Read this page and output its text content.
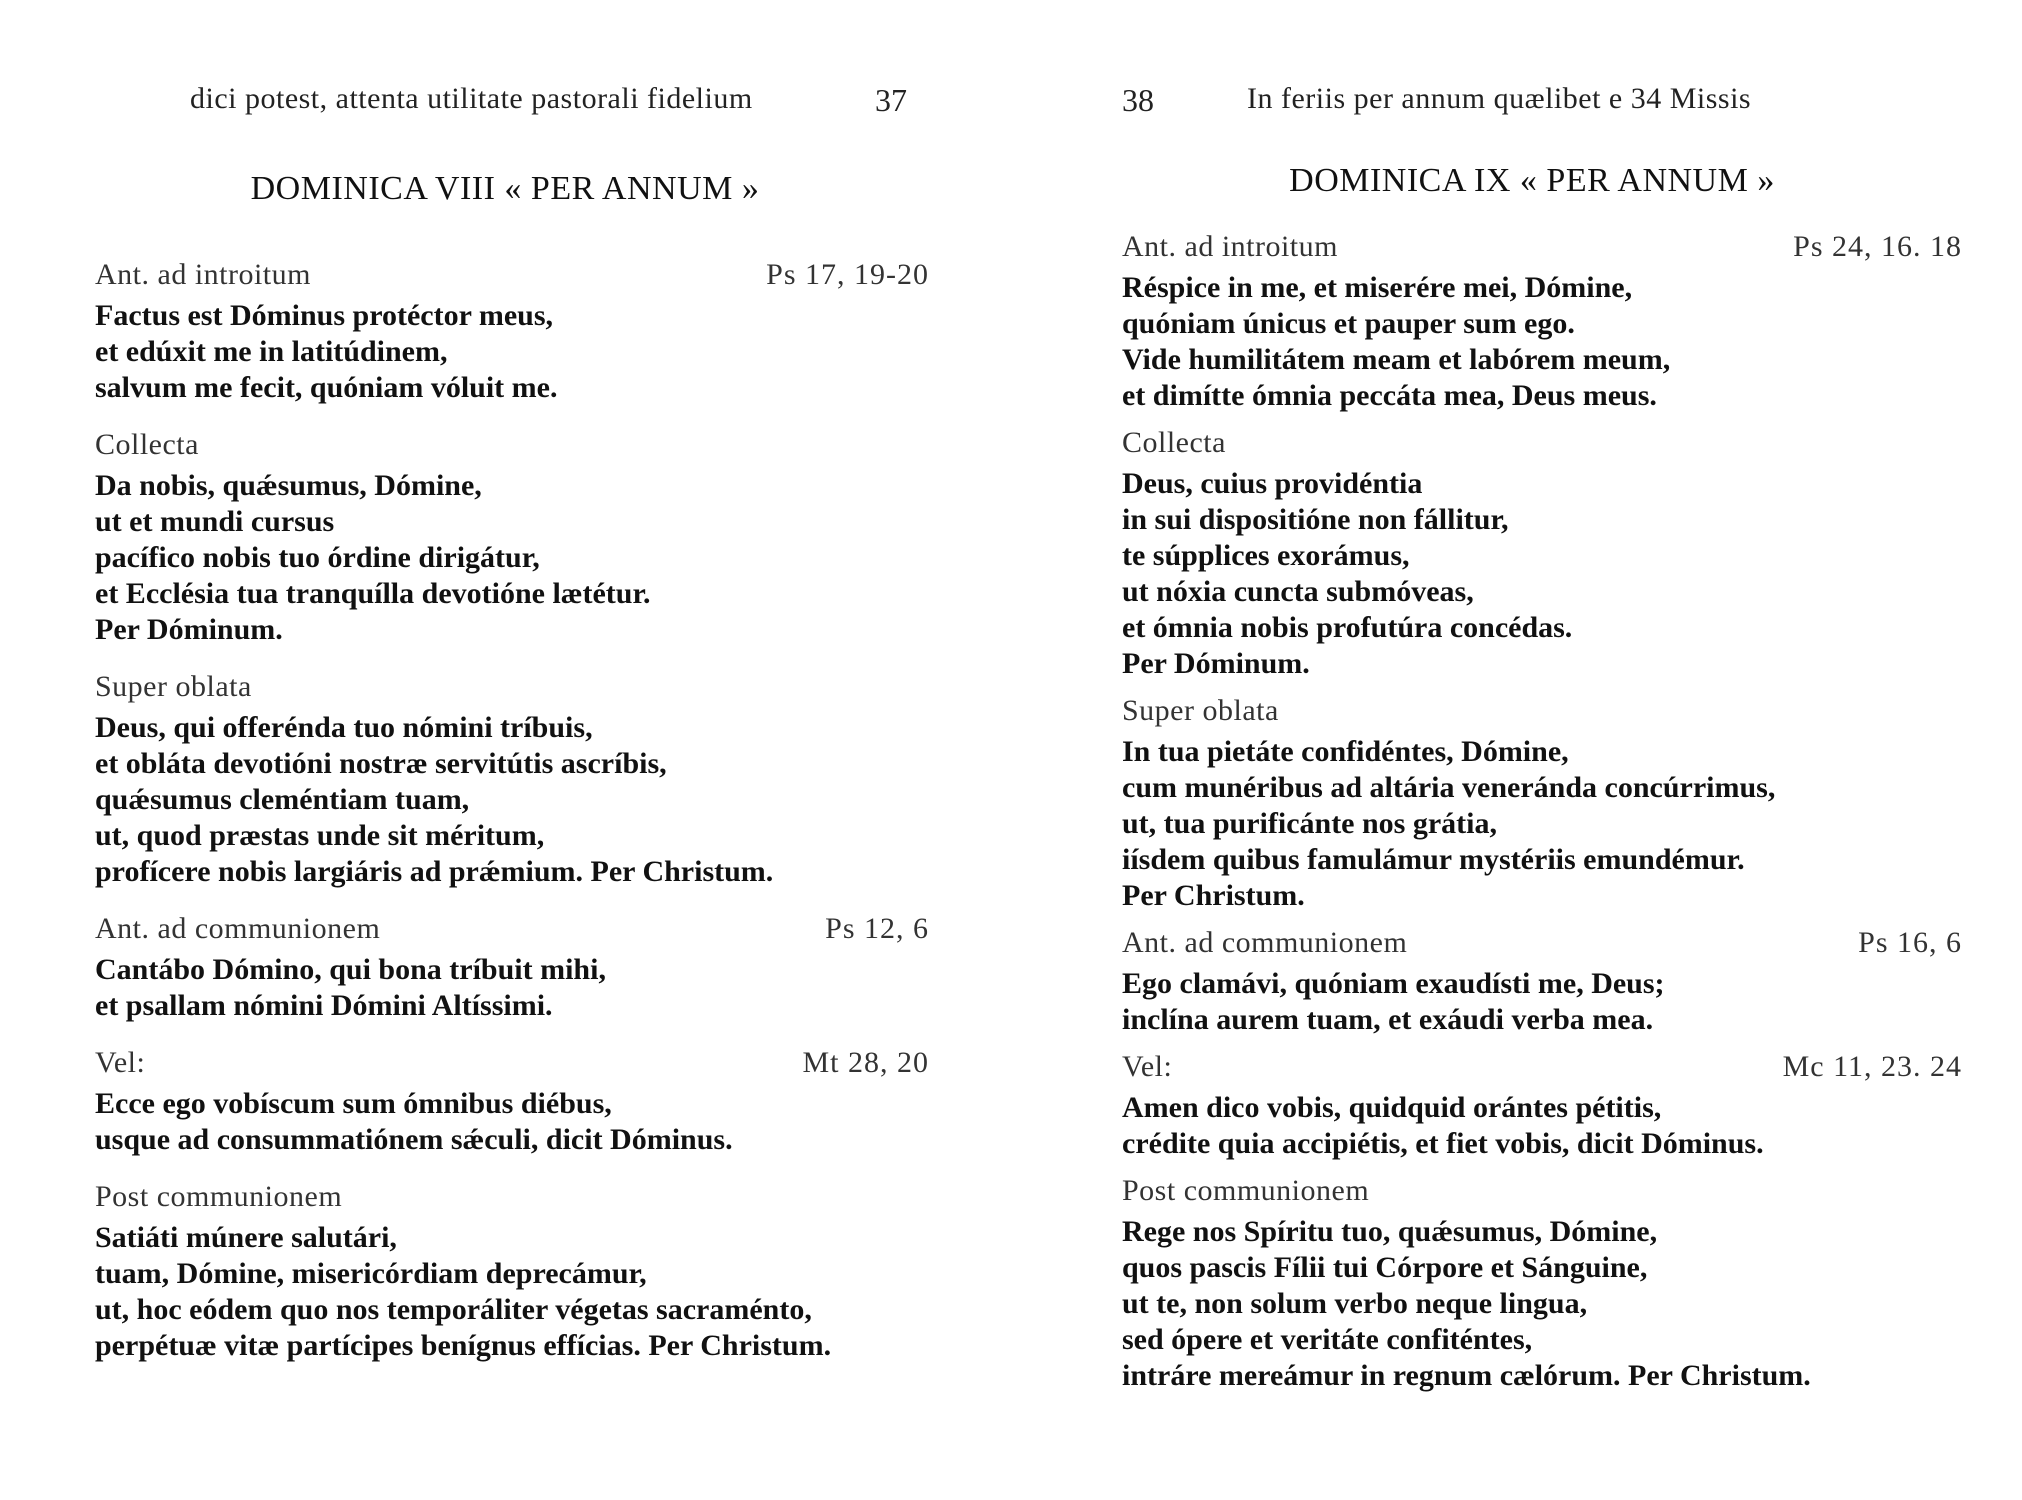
dici potest, attenta utilitate pastorali fidelium	37
DOMINICA VIII « PER ANNUM »
Ant. ad introitum	Ps 17, 19-20
Factus est Dóminus protéctor meus,
et edúxit me in latitúdinem,
salvum me fecit, quóniam vóluit me.
Collecta
Da nobis, quǽsumus, Dómine,
ut et mundi cursus
pacífico nobis tuo órdine dirigátur,
et Ecclésia tua tranquílla devotióne lætétur.
Per Dóminum.
Super oblata
Deus, qui offerénda tuo nómini tríbuis,
et obláta devotióni nostræ servitútis ascríbis,
quǽsumus cleméntiam tuam,
ut, quod præstas unde sit méritum,
profícere nobis largiáris ad prǽmium. Per Christum.
Ant. ad communionem	Ps 12, 6
Cantábo Dómino, qui bona tríbuit mihi,
et psallam nómini Dómini Altíssimi.
Vel:	Mt 28, 20
Ecce ego vobíscum sum ómnibus diébus,
usque ad consummatiónem sǽculi, dicit Dóminus.
Post communionem
Satiáti múnere salutári,
tuam, Dómine, misericórdiam deprecámur,
ut, hoc eódem quo nos temporáliter végetas sacraménto,
perpétuæ vitæ partícipes benígnus effícias. Per Christum.
38	In feriis per annum quælibet e 34 Missis
DOMINICA IX « PER ANNUM »
Ant. ad introitum	Ps 24, 16. 18
Réspice in me, et miserére mei, Dómine,
quóniam únicus et pauper sum ego.
Vide humilitátem meam et labórem meum,
et dimítte ómnia peccáta mea, Deus meus.
Collecta
Deus, cuius providéntia
in sui dispositióne non fállitur,
te súpplices exorámus,
ut nóxia cuncta submóveas,
et ómnia nobis profutúra concédas.
Per Dóminum.
Super oblata
In tua pietáte confidéntes, Dómine,
cum munéribus ad altária veneránda concúrrimus,
ut, tua purificánte nos grátia,
iísdem quibus famulámur mystériis emundémur.
Per Christum.
Ant. ad communionem	Ps 16, 6
Ego clamávi, quóniam exaudísti me, Deus;
inclína aurem tuam, et exáudi verba mea.
Vel:	Mc 11, 23. 24
Amen dico vobis, quidquid orántes pétitis,
crédite quia accipiétis, et fiet vobis, dicit Dóminus.
Post communionem
Rege nos Spíritu tuo, quǽsumus, Dómine,
quos pascis Fílii tui Córpore et Sánguine,
ut te, non solum verbo neque lingua,
sed ópere et veritáte confiténtes,
intráre mereámur in regnum cælórum. Per Christum.
